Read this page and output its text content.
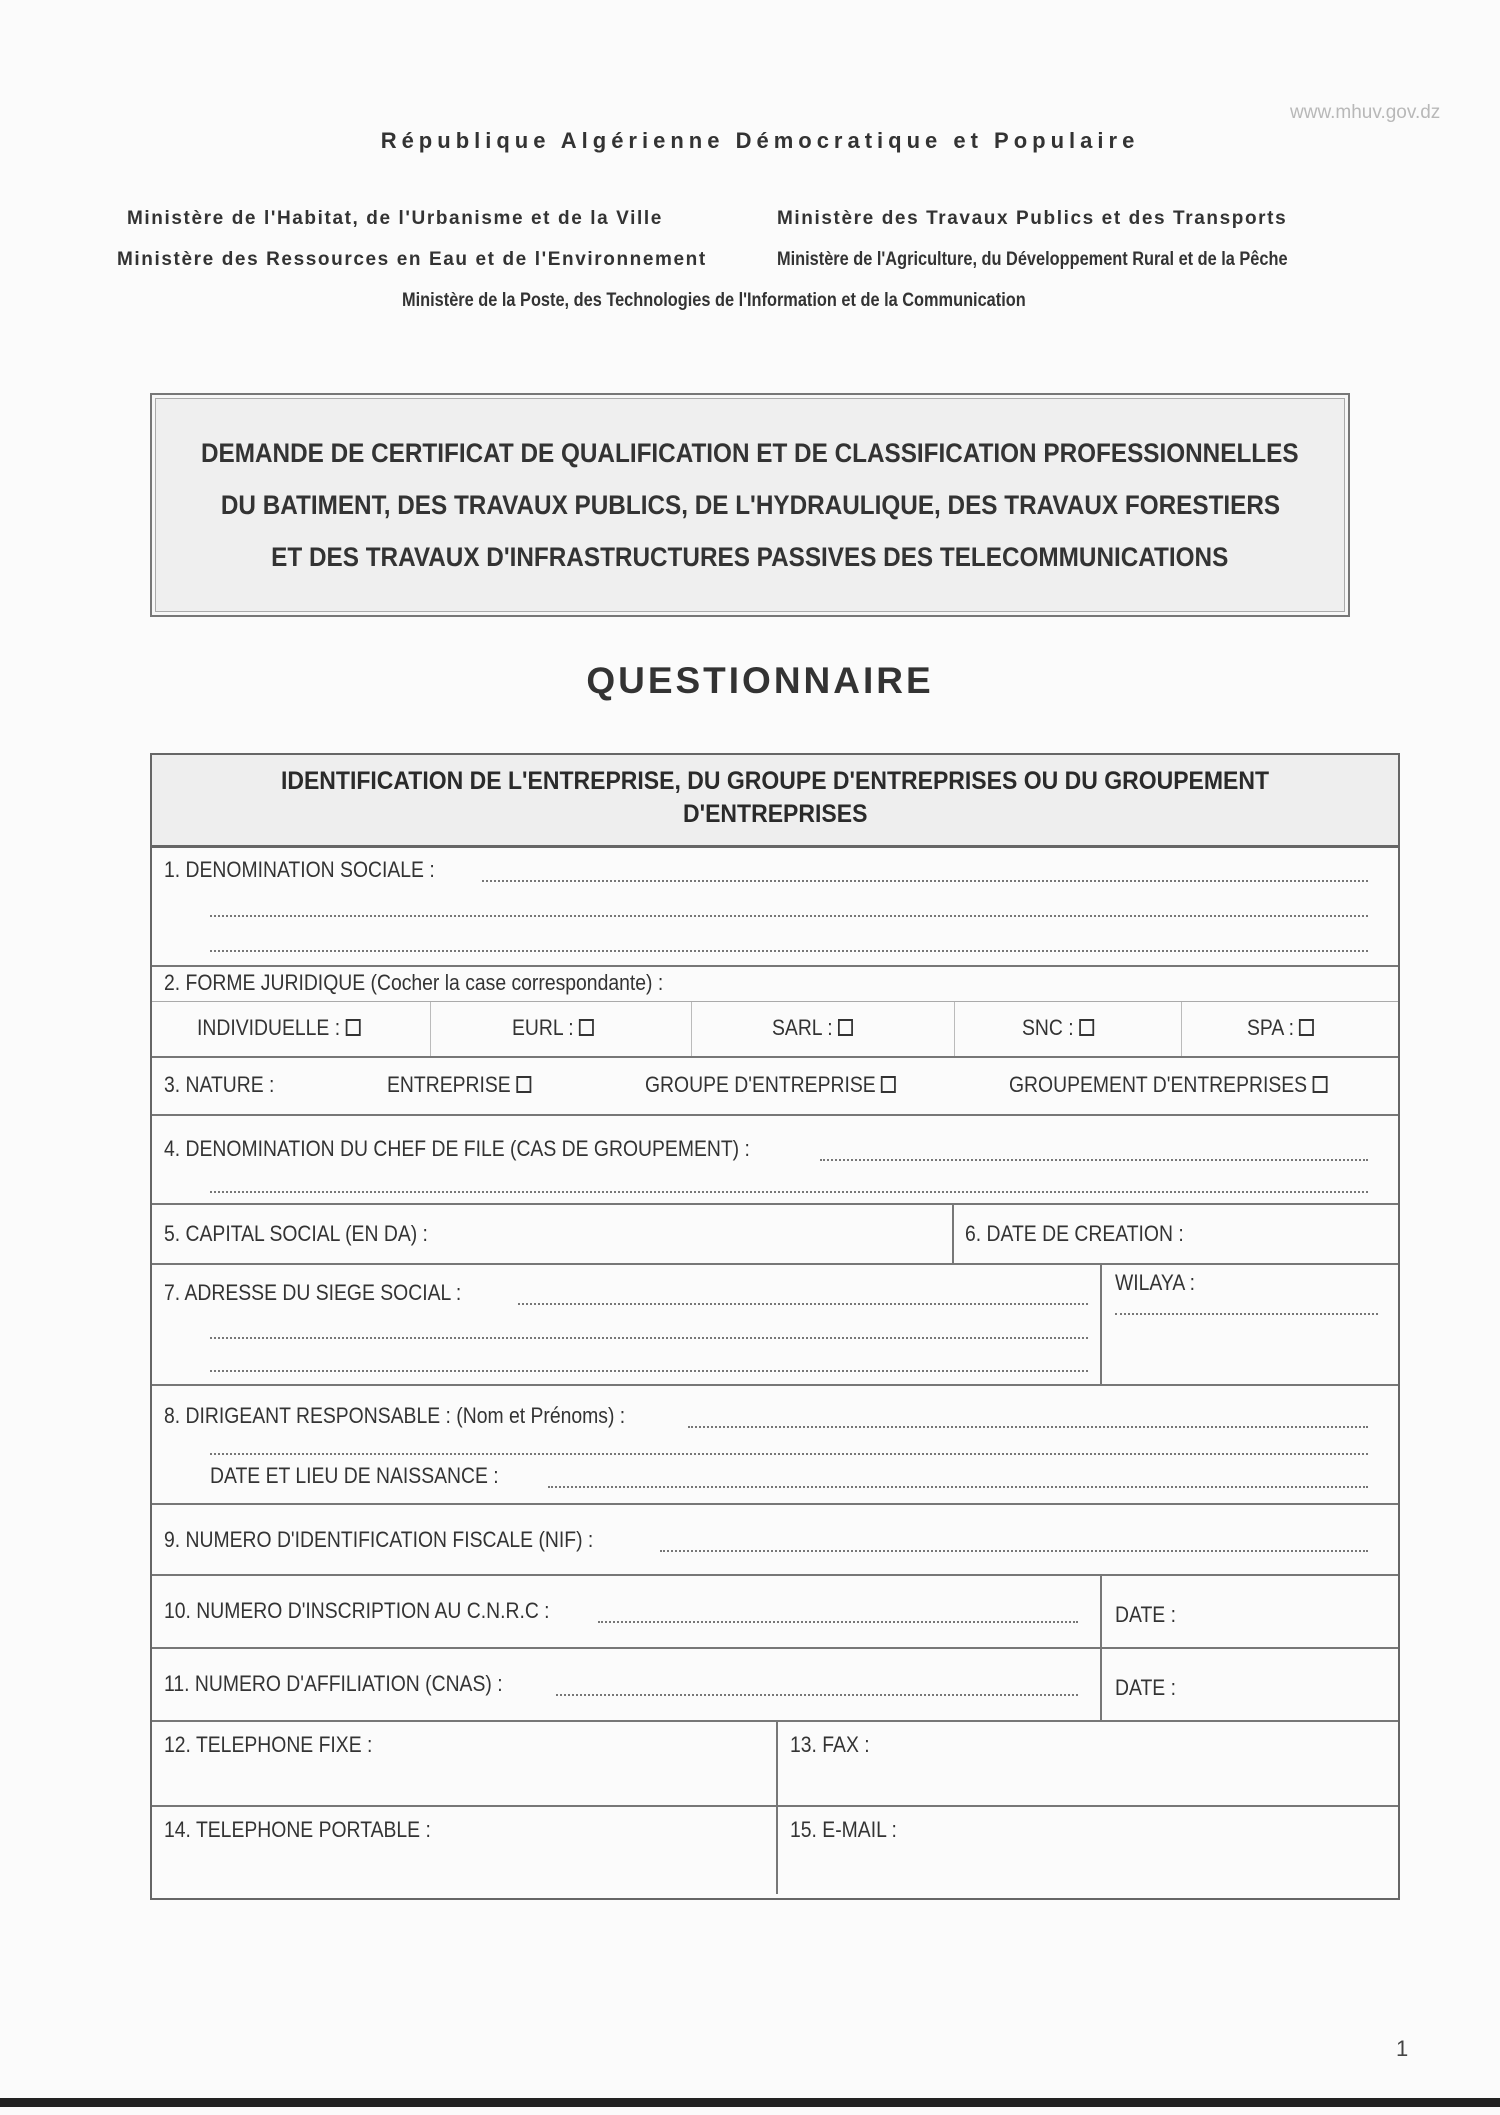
www.mhuv.gov.dz
République Algérienne Démocratique et Populaire
Ministère de l'Habitat, de l'Urbanisme et de la Ville	Ministère des Travaux Publics et des Transports
Ministère des Ressources en Eau et de l'Environnement	Ministère de l'Agriculture, du Développement Rural et de la Pêche
Ministère de la Poste, des Technologies de l'Information et de la Communication
DEMANDE DE CERTIFICAT DE QUALIFICATION ET DE CLASSIFICATION PROFESSIONNELLES
DU BATIMENT, DES TRAVAUX PUBLICS, DE L'HYDRAULIQUE, DES TRAVAUX FORESTIERS
ET DES TRAVAUX D'INFRASTRUCTURES PASSIVES DES TELECOMMUNICATIONS
QUESTIONNAIRE
IDENTIFICATION DE L'ENTREPRISE, DU GROUPE D'ENTREPRISES OU DU GROUPEMENT
D'ENTREPRISES
1. DENOMINATION SOCIALE :
2. FORME JURIDIQUE (Cocher la case correspondante) :
INDIVIDUELLE :	EURL :	SARL :	SNC :	SPA :
3. NATURE :	ENTREPRISE	GROUPE D'ENTREPRISE	GROUPEMENT D'ENTREPRISES
4. DENOMINATION DU CHEF DE FILE (CAS DE GROUPEMENT) :
5. CAPITAL SOCIAL (EN DA) :	6. DATE DE CREATION :
7. ADRESSE DU SIEGE SOCIAL :	WILAYA :
8. DIRIGEANT RESPONSABLE : (Nom et Prénoms) :
DATE ET LIEU DE NAISSANCE :
9. NUMERO D'IDENTIFICATION FISCALE (NIF) :
10. NUMERO D'INSCRIPTION AU C.N.R.C :	DATE :
11. NUMERO D'AFFILIATION (CNAS) :	DATE :
12. TELEPHONE FIXE :	13. FAX :
14. TELEPHONE PORTABLE :	15. E-MAIL :
1
